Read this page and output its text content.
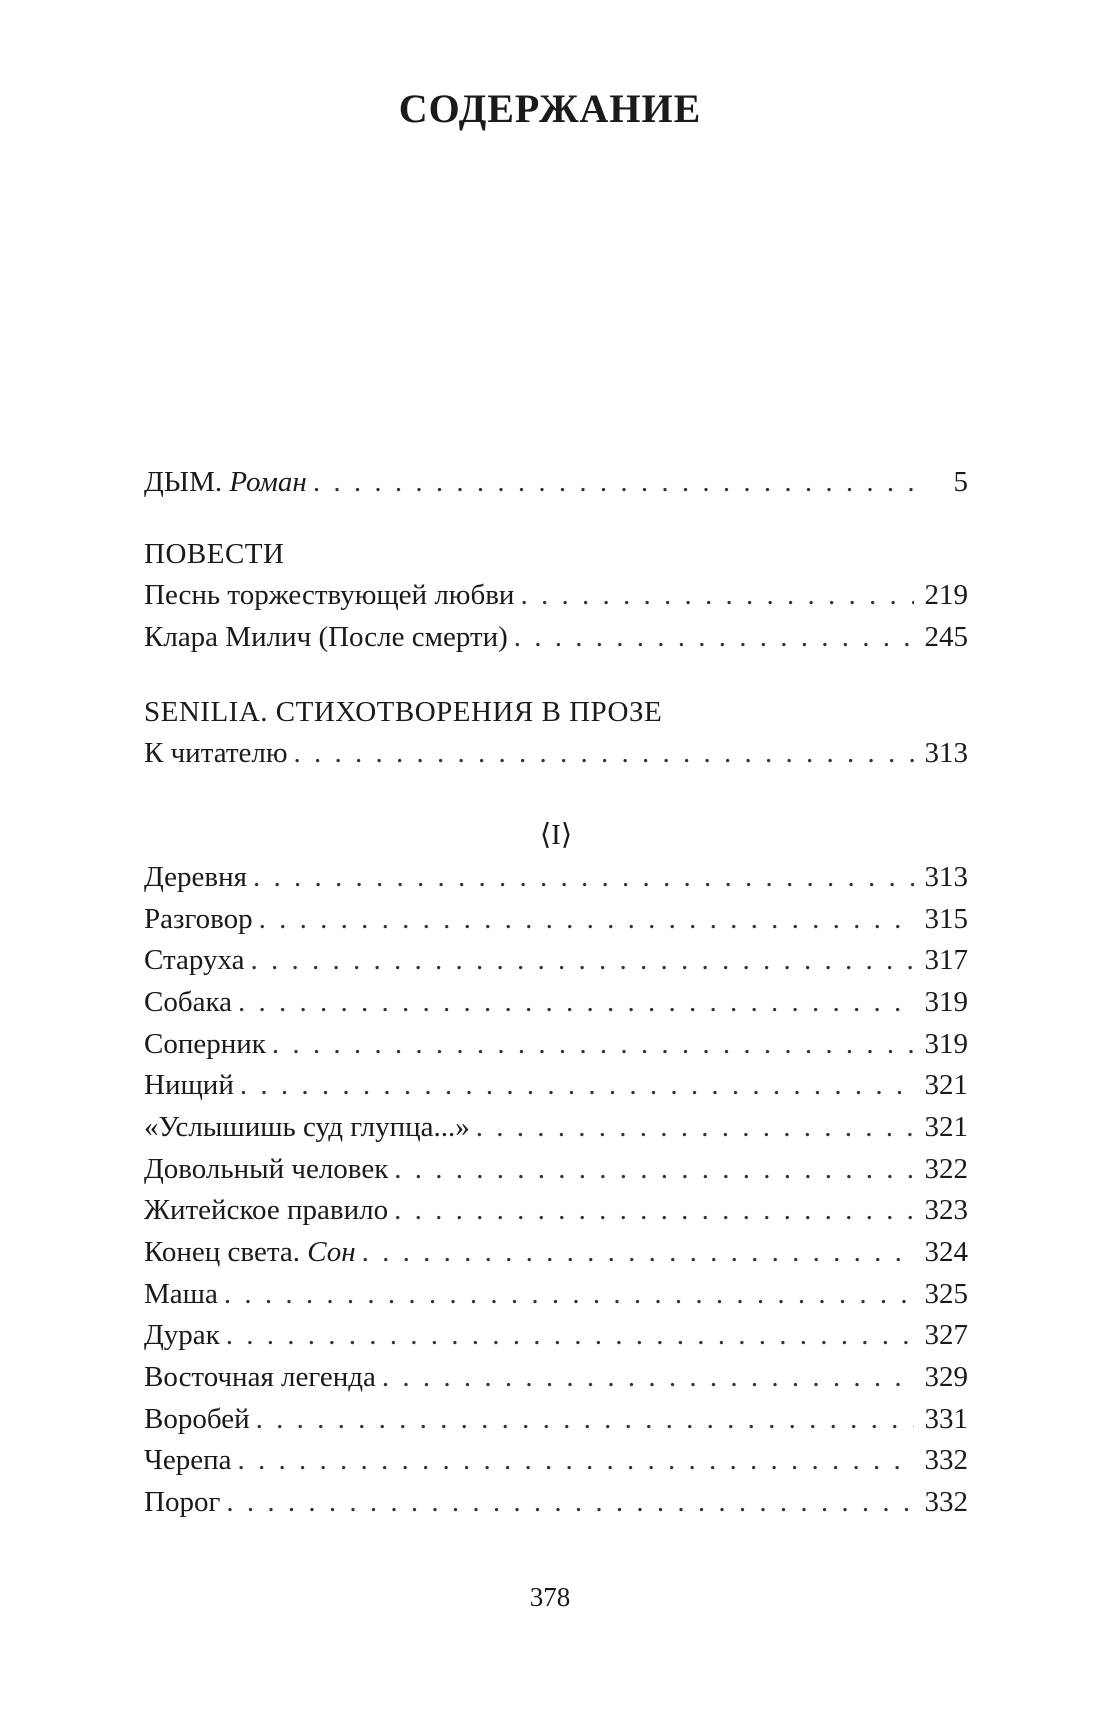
СОДЕРЖАНИЕ
ДЫМ. Роман . . .	5
ПОВЕСТИ
Песнь торжествующей любви . . .	219
Клара Милич (После смерти) . . .	245
SENILIA. СТИХОТВОРЕНИЯ В ПРОЗЕ
К читателю . . .	313
⟨I⟩
Деревня . . .	313
Разговор . . .	315
Старуха . . .	317
Собака . . .	319
Соперник . . .	319
Нищий . . .	321
«Услышишь суд глупца...» . . .	321
Довольный человек . . .	322
Житейское правило . . .	323
Конец света. Сон . . .	324
Маша . . .	325
Дурак . . .	327
Восточная легенда . . .	329
Воробей . . .	331
Черепа . . .	332
Порог . . .	332
378
